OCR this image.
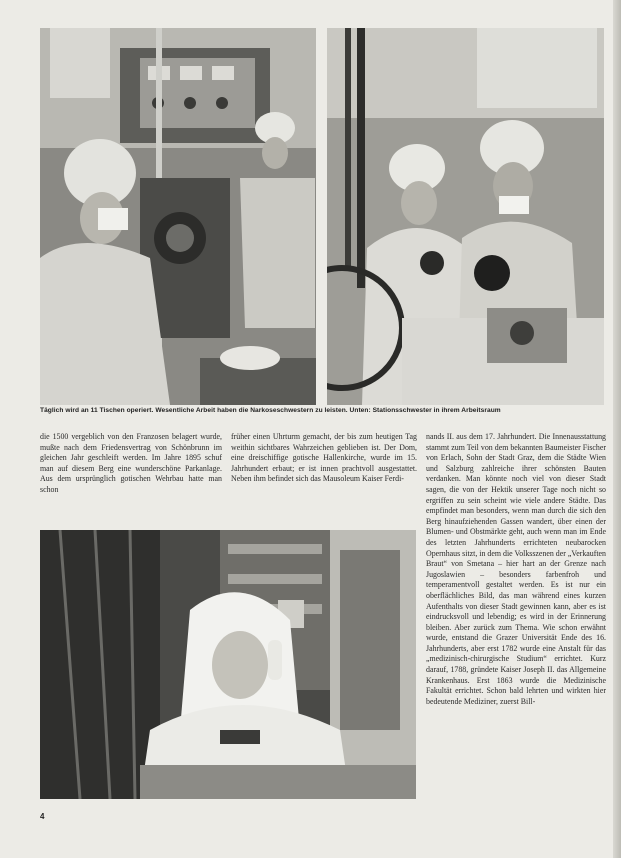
Täglich wird an 11 Tischen operiert. Wesentliche Arbeit haben die Narkoseschwestern zu leisten. Unten: Stationsschwester in ihrem Arbeitsraum

die 1500 vergeblich von den Franzosen belagert wurde, mußte nach dem Friedensvertrag von Schönbrunn im gleichen Jahr geschleift werden. Im Jahre 1895 schuf man auf diesem Berg eine wunderschöne Parkanlage. Aus dem ursprünglich gotischen Wehrbau hatte man schon

früher einen Uhrturm gemacht, der bis zum heutigen Tag weithin sichtbares Wahrzeichen geblieben ist. Der Dom, eine dreischiffige gotische Hallenkirche, wurde im 15. Jahrhundert erbaut; er ist innen prachtvoll ausgestattet. Neben ihm befindet sich das Mausoleum Kaiser Ferdi-

nands II. aus dem 17. Jahrhundert. Die Innenausstattung stammt zum Teil von dem bekannten Baumeister Fischer von Erlach, Sohn der Stadt Graz, dem die Städte Wien und Salzburg zahlreiche ihrer schönsten Bauten verdanken. Man könnte noch viel von dieser Stadt sagen, die von der Hektik unserer Tage noch nicht so ergriffen zu sein scheint wie viele andere Städte. Das empfindet man besonders, wenn man durch die sich den Berg hinaufziehenden Gassen wandert, über einen der Blumen- und Obstmärkte geht, auch wenn man im Ende des letzten Jahrhunderts errichteten neubarocken Opernhaus sitzt, in dem die Volksszenen der „Verkauften Braut“ von Smetana – hier hart an der Grenze nach Jugoslawien – besonders farbenfroh und temperamentvoll gestaltet werden. Es ist nur ein oberflächliches Bild, das man während eines kurzen Aufenthalts von dieser Stadt gewinnen kann, aber es ist eindrucksvoll und lebendig; es wird in der Erinnerung bleiben. Aber zurück zum Thema. Wie schon erwähnt wurde, entstand die Grazer Universität Ende des 16. Jahrhunderts, aber erst 1782 wurde eine Anstalt für das „medizinisch-chirurgische Studium“ errichtet. Kurz darauf, 1788, gründete Kaiser Joseph II. das Allgemeine Krankenhaus. Erst 1863 wurde die Medizinische Fakultät errichtet. Schon bald lehrten und wirkten hier bedeutende Mediziner, zuerst Bill-

4
